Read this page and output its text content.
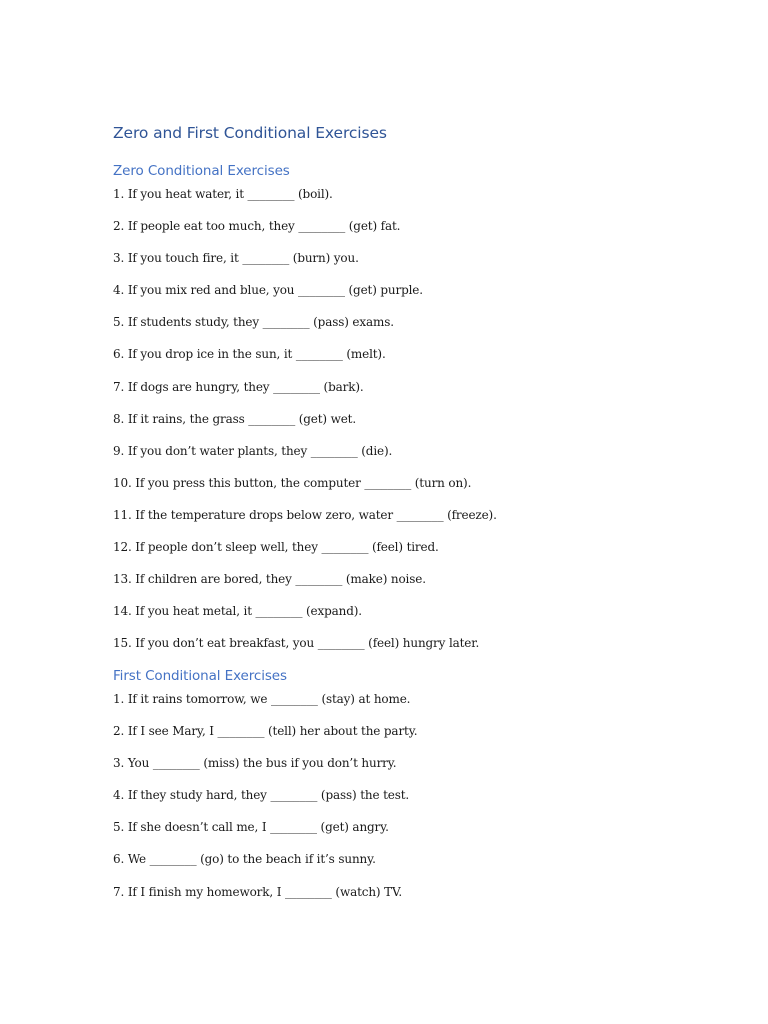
Zero and First Conditional Exercises
Zero Conditional Exercises
1. If you heat water, it ________ (boil).
2. If people eat too much, they ________ (get) fat.
3. If you touch fire, it ________ (burn) you.
4. If you mix red and blue, you ________ (get) purple.
5. If students study, they ________ (pass) exams.
6. If you drop ice in the sun, it ________ (melt).
7. If dogs are hungry, they ________ (bark).
8. If it rains, the grass ________ (get) wet.
9. If you don’t water plants, they ________ (die).
10. If you press this button, the computer ________ (turn on).
11. If the temperature drops below zero, water ________ (freeze).
12. If people don’t sleep well, they ________ (feel) tired.
13. If children are bored, they ________ (make) noise.
14. If you heat metal, it ________ (expand).
15. If you don’t eat breakfast, you ________ (feel) hungry later.
First Conditional Exercises
1. If it rains tomorrow, we ________ (stay) at home.
2. If I see Mary, I ________ (tell) her about the party.
3. You ________ (miss) the bus if you don’t hurry.
4. If they study hard, they ________ (pass) the test.
5. If she doesn’t call me, I ________ (get) angry.
6. We ________ (go) to the beach if it’s sunny.
7. If I finish my homework, I ________ (watch) TV.
